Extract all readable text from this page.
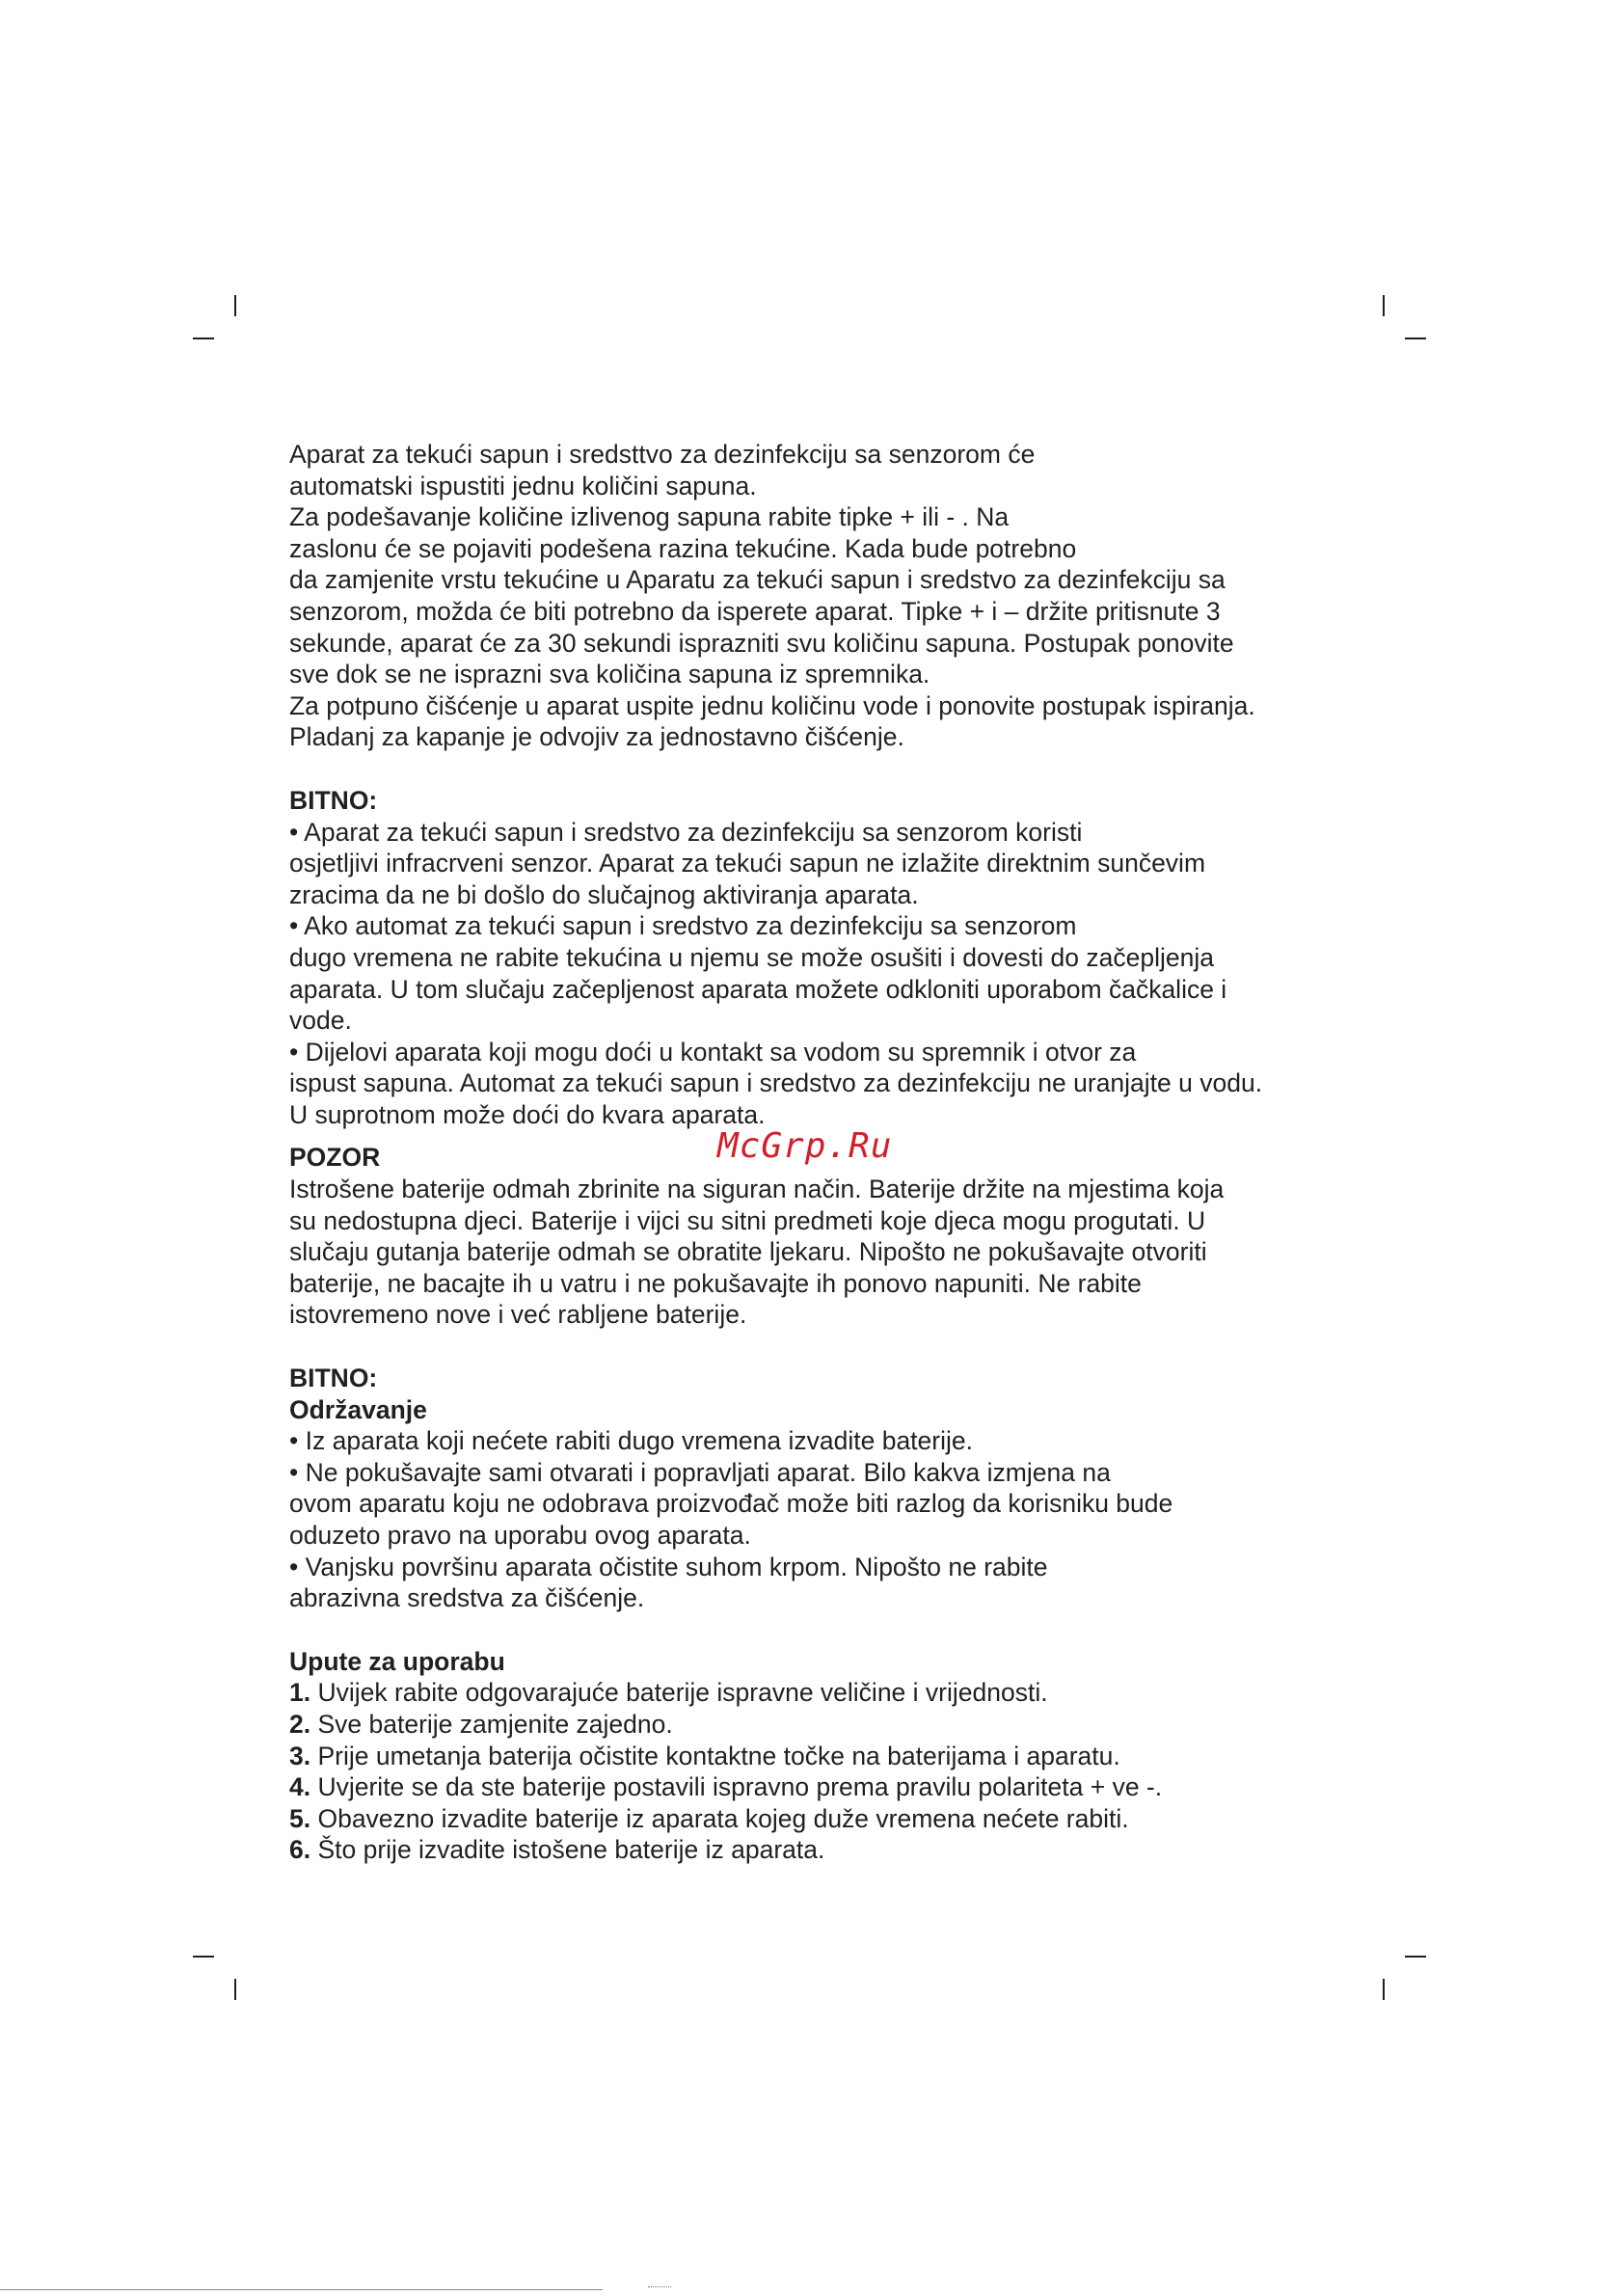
Aparat za tekući sapun i sredsttvo za dezinfekciju sa senzorom će
automatski ispustiti jednu količini sapuna.
Za podešavanje količine izlivenog sapuna rabite tipke + ili - . Na
zaslonu će se pojaviti podešena razina tekućine. Kada bude potrebno
da zamjenite vrstu tekućine u Aparatu za tekući sapun i sredstvo za dezinfekciju sa
senzorom, možda će biti potrebno da isperete aparat. Tipke + i – držite pritisnute 3
sekunde, aparat će za 30 sekundi isprazniti svu količinu sapuna. Postupak ponovite
sve dok se ne isprazni sva količina sapuna iz spremnika.
Za potpuno čišćenje u aparat uspite jednu količinu vode i ponovite postupak ispiranja.
Pladanj za kapanje je odvojiv za jednostavno čišćenje.
BITNO:
• Aparat za tekući sapun i sredstvo za dezinfekciju sa senzorom koristi
osjetljivi infracrveni senzor. Aparat za tekući sapun ne izlažite direktnim sunčevim
zracima da ne bi došlo do slučajnog aktiviranja aparata.
• Ako automat za tekući sapun i sredstvo za dezinfekciju sa senzorom
dugo vremena ne rabite tekućina u njemu se može osušiti i dovesti do začepljenja
aparata. U tom slučaju začepljenost aparata možete odkloniti uporabom čačkalice i
vode.
• Dijelovi aparata koji mogu doći u kontakt sa vodom su spremnik i otvor za
ispust sapuna. Automat za tekući sapun i sredstvo za dezinfekciju ne uranjajte u vodu.
U suprotnom može doći do kvara aparata.
POZOR
Istrošene baterije odmah zbrinite na siguran način. Baterije držite na mjestima koja
su nedostupna djeci. Baterije i vijci su sitni predmeti koje djeca mogu progutati. U
slučaju gutanja baterije odmah se obratite ljekaru. Nipošto ne pokušavajte otvoriti
baterije, ne bacajte ih u vatru i ne pokušavajte ih ponovo napuniti. Ne rabite
istovremeno nove i već rabljene baterije.
BITNO:
Održavanje
• Iz aparata koji nećete rabiti dugo vremena izvadite baterije.
• Ne pokušavajte sami otvarati i popravljati aparat. Bilo kakva izmjena na
ovom aparatu koju ne odobrava proizvođač može biti razlog da korisniku bude
oduzeto pravo na uporabu ovog aparata.
• Vanjsku površinu aparata očistite suhom krpom. Nipošto ne rabite
abrazivna sredstva za čišćenje.
Upute za uporabu
1. Uvijek rabite odgovarajuće baterije ispravne veličine i vrijednosti.
2. Sve baterije zamjenite zajedno.
3. Prije umetanja baterija očistite kontaktne točke na baterijama i aparatu.
4. Uvjerite se da ste baterije postavili ispravno prema pravilu polariteta + ve -.
5. Obavezno izvadite baterije iz aparata kojeg duže vremena nećete rabiti.
6. Što prije izvadite istošene baterije iz aparata.
McGrp.Ru
